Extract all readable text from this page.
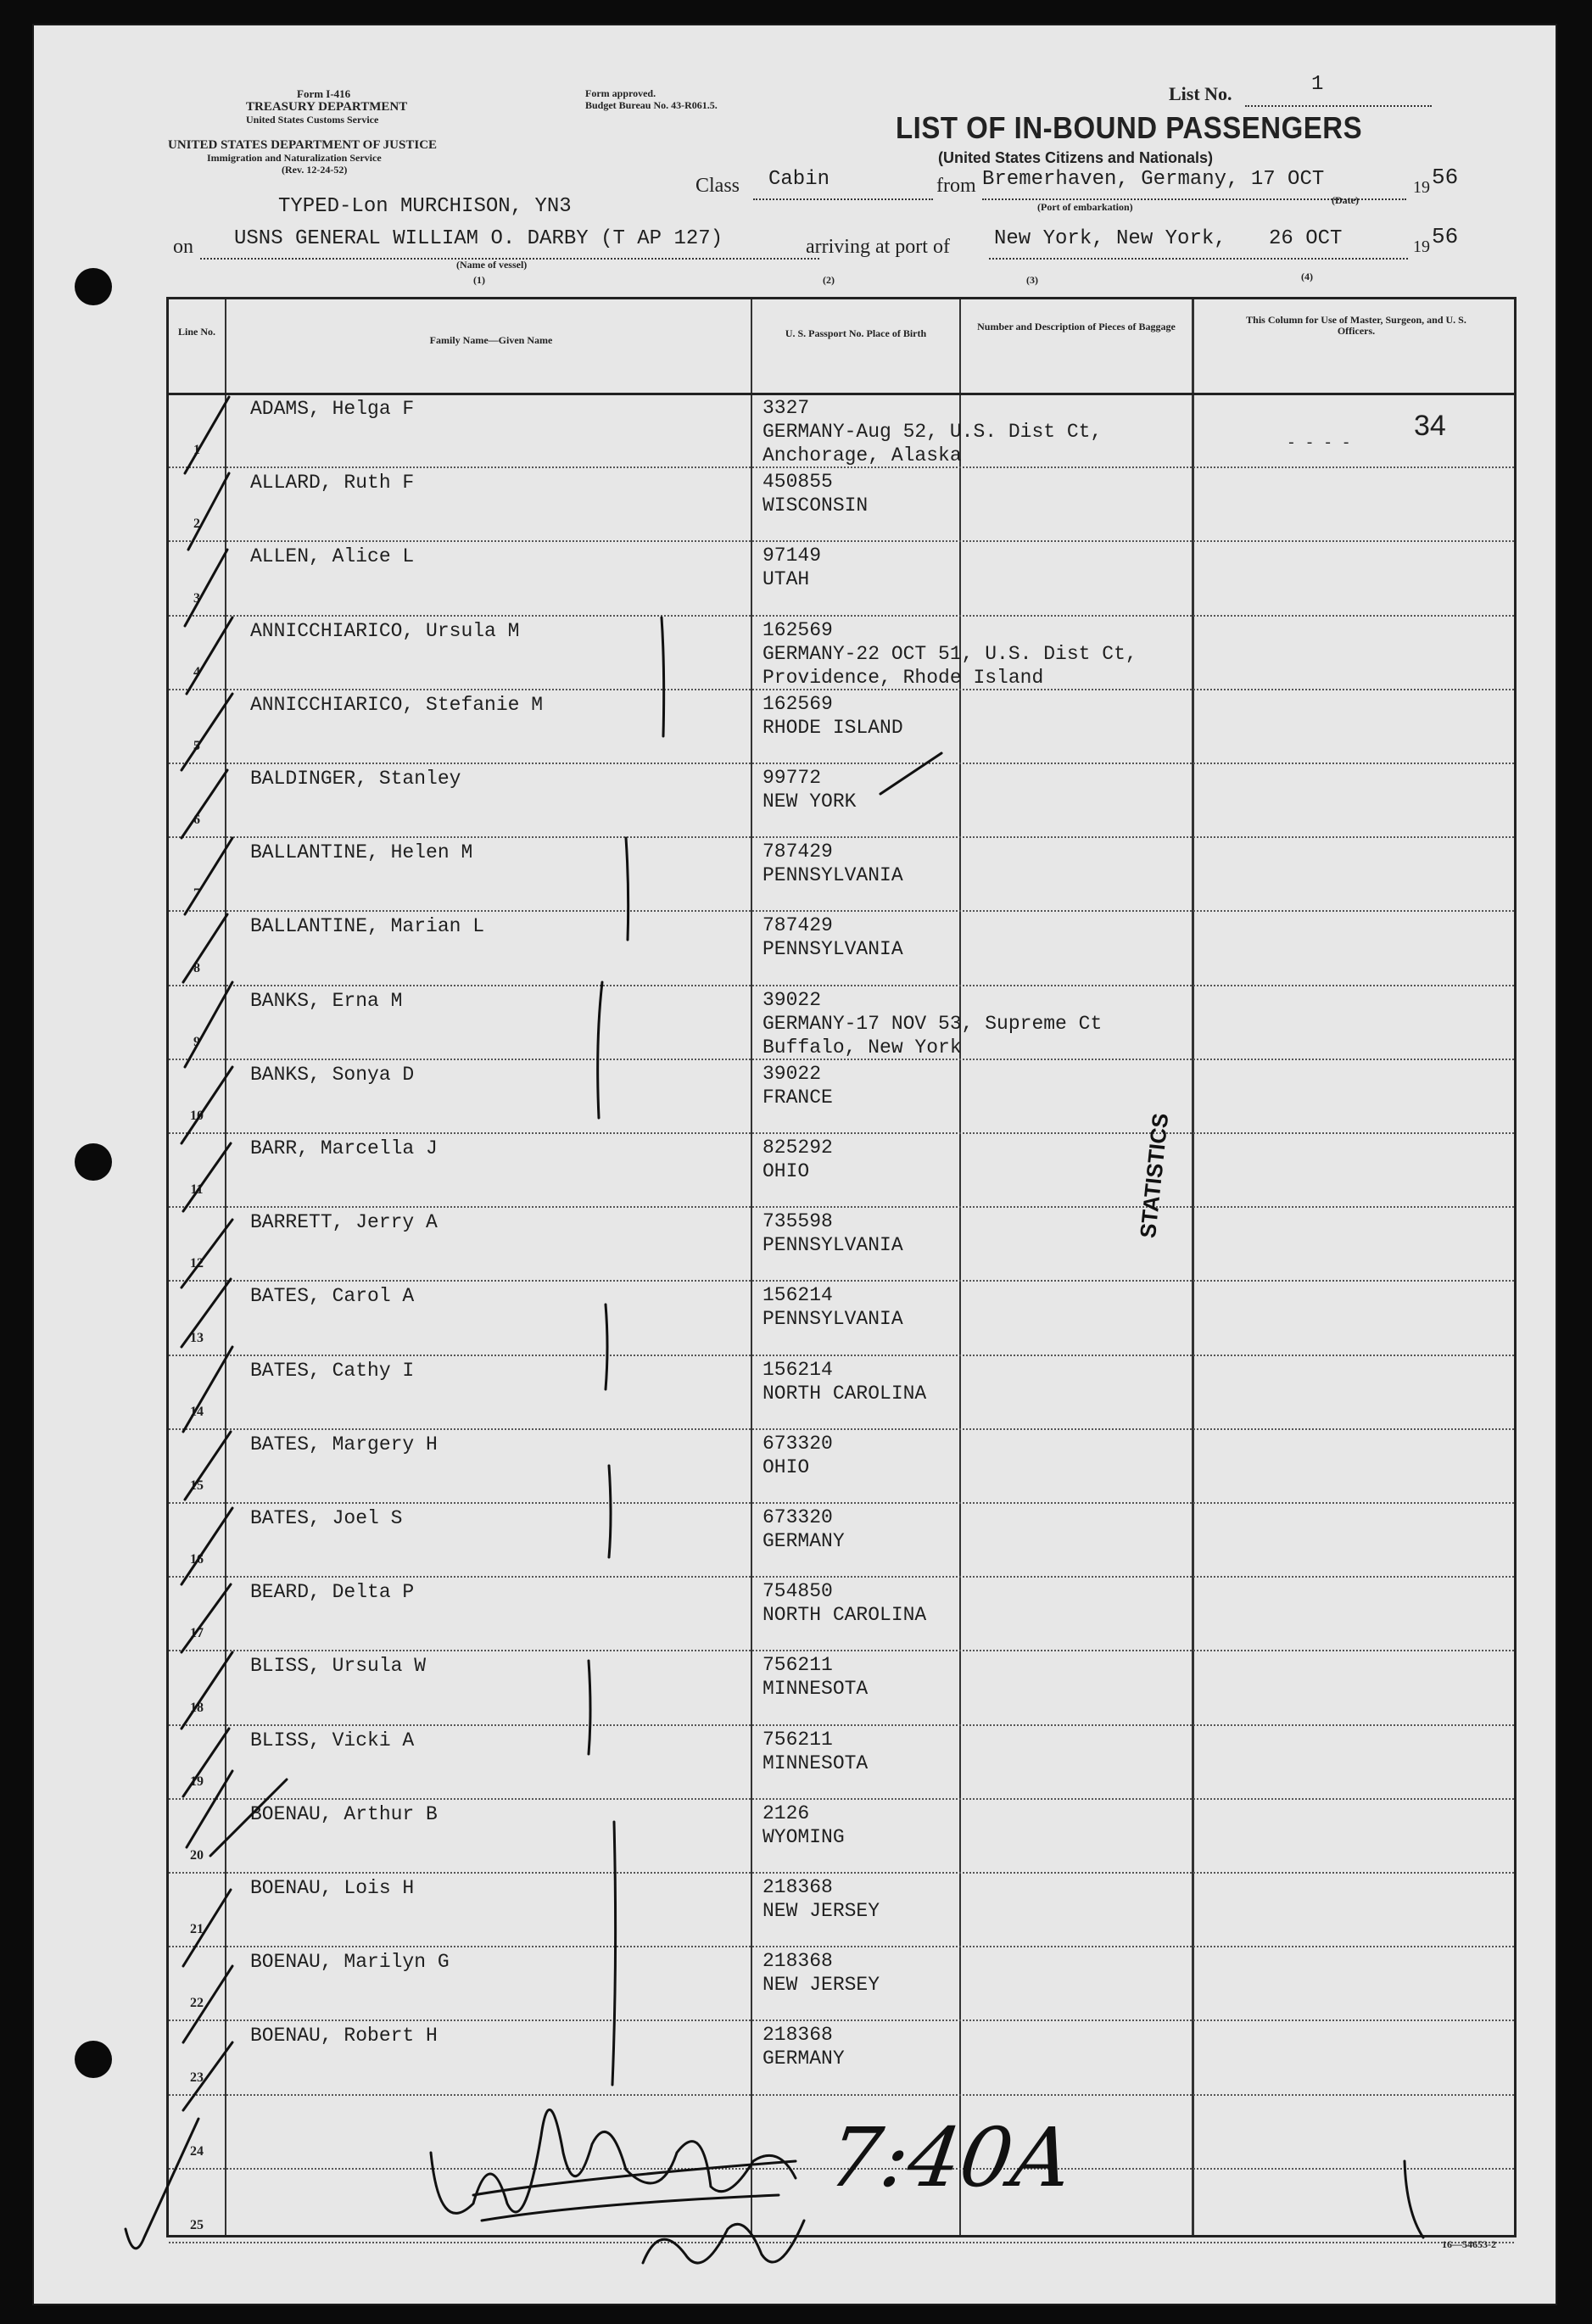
Form I-416
TREASURY DEPARTMENT
United States Customs Service
UNITED STATES DEPARTMENT OF JUSTICE
Immigration and Naturalization Service
(Rev. 12-24-52)
Form approved.
Budget Bureau No. 43-R061.5.
List No.	1
LIST OF IN-BOUND PASSENGERS
(United States Citizens and Nationals)
TYPED-Lon MURCHISON, YN3
Class Cabin	from Bremerhaven, Germany, 17 OCT	19 56
(Port of embarkation)
(Date)
on USNS GENERAL WILLIAM O. DARBY (T AP 127)	arriving at port of New York, New York, 26 OCT	19 56
(Name of vessel)
(1)	(2)	(3)	(4)
Line No.
Family Name—Given Name
U. S. Passport No. Place of Birth
Number and Description of Pieces of Baggage
This Column for Use of Master, Surgeon, and U. S. Officers.
1
ADAMS, Helga F	3327
GERMANY-Aug 52, U.S. Dist Ct,
Anchorage, Alaska
2
ALLARD, Ruth F	450855
WISCONSIN
3
ALLEN, Alice L	97149
UTAH
4
ANNICCHIARICO, Ursula M	162569
GERMANY-22 OCT 51, U.S. Dist Ct,
Providence, Rhode Island
5
ANNICCHIARICO, Stefanie M	162569
RHODE ISLAND
6
BALDINGER, Stanley	99772
NEW YORK
7
BALLANTINE, Helen M	787429
PENNSYLVANIA
8
BALLANTINE, Marian L	787429
PENNSYLVANIA
9
BANKS, Erna M	39022
GERMANY-17 NOV 53, Supreme Ct
Buffalo, New York
10
BANKS, Sonya D	39022
FRANCE
11
BARR, Marcella J	825292
OHIO
12
BARRETT, Jerry A	735598
PENNSYLVANIA
13
BATES, Carol A	156214
PENNSYLVANIA
14
BATES, Cathy I	156214
NORTH CAROLINA
15
BATES, Margery H	673320
OHIO
16
BATES, Joel S	673320
GERMANY
17
BEARD, Delta P	754850
NORTH CAROLINA
18
BLISS, Ursula W	756211
MINNESOTA
19
BLISS, Vicki A	756211
MINNESOTA
20
BOENAU, Arthur B	2126
WYOMING
21
BOENAU, Lois H	218368
NEW JERSEY
22
BOENAU, Marilyn G	218368
NEW JERSEY
23
BOENAU, Robert H	218368
GERMANY
24
25
34
- - - -
STATISTICS
7:40A
16—54653-2
